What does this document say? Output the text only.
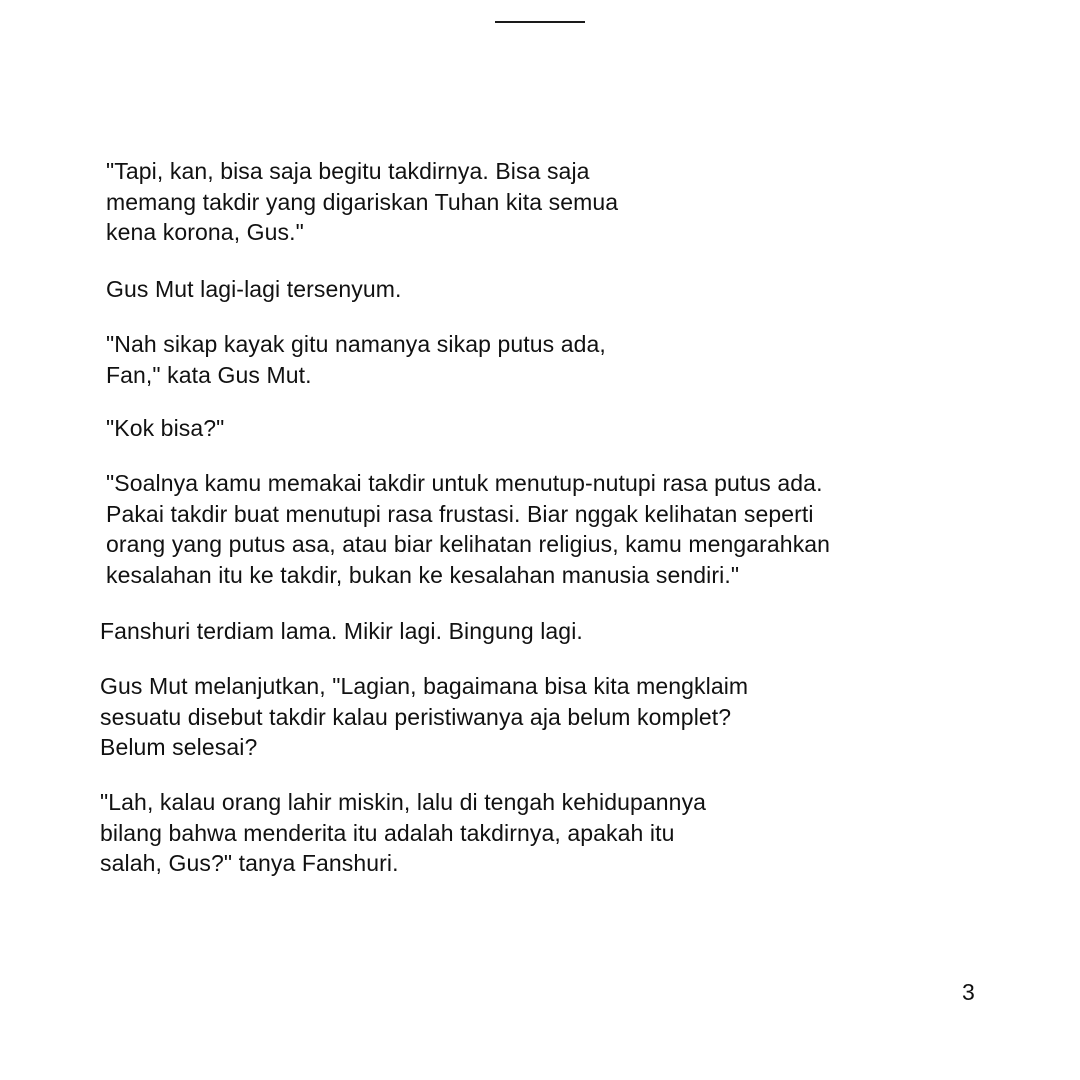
"Tapi, kan, bisa saja begitu takdirnya. Bisa saja
memang takdir yang digariskan Tuhan kita semua
kena korona, Gus."

Gus Mut lagi-lagi tersenyum.

"Nah sikap kayak gitu namanya sikap putus ada,
Fan," kata Gus Mut.

"Kok bisa?"

"Soalnya kamu memakai takdir untuk menutup-nutupi rasa putus ada.
Pakai takdir buat menutupi rasa frustasi. Biar nggak kelihatan seperti
orang yang putus asa, atau biar kelihatan religius, kamu mengarahkan
kesalahan itu ke takdir, bukan ke kesalahan manusia sendiri."

Fanshuri terdiam lama. Mikir lagi. Bingung lagi.

Gus Mut melanjutkan, "Lagian, bagaimana bisa kita mengklaim
sesuatu disebut takdir kalau peristiwanya aja belum komplet?
Belum selesai?

"Lah, kalau orang lahir miskin, lalu di tengah kehidupannya
bilang bahwa menderita itu adalah takdirnya, apakah itu
salah, Gus?" tanya Fanshuri.

3
